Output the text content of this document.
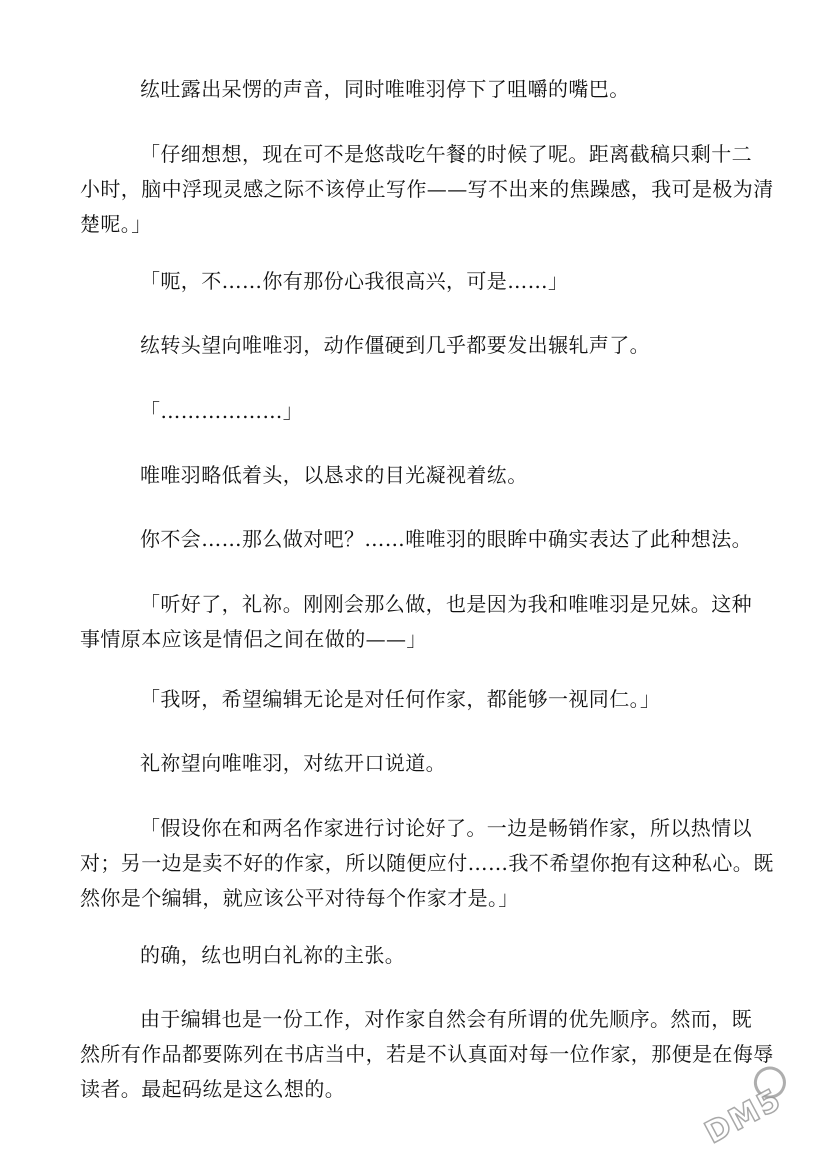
纮吐露出呆愣的声音，同时唯唯羽停下了咀嚼的嘴巴。

「仔细想想，现在可不是悠哉吃午餐的时候了呢。距离截稿只剩十二
小时，脑中浮现灵感之际不该停止写作——写不出来的焦躁感，我可是极为清
楚呢。」

「呃，不……你有那份心我很高兴，可是……」

纮转头望向唯唯羽，动作僵硬到几乎都要发出辗轧声了。

「………………」

唯唯羽略低着头，以恳求的目光凝视着纮。

你不会……那么做对吧？……唯唯羽的眼眸中确实表达了此种想法。

「听好了，礼祢。刚刚会那么做，也是因为我和唯唯羽是兄妹。这种
事情原本应该是情侣之间在做的——」

「我呀，希望编辑无论是对任何作家，都能够一视同仁。」

礼祢望向唯唯羽，对纮开口说道。

「假设你在和两名作家进行讨论好了。一边是畅销作家，所以热情以
对；另一边是卖不好的作家，所以随便应付……我不希望你抱有这种私心。既
然你是个编辑，就应该公平对待每个作家才是。」

的确，纮也明白礼祢的主张。

由于编辑也是一份工作，对作家自然会有所谓的优先顺序。然而，既
然所有作品都要陈列在书店当中，若是不认真面对每一位作家，那便是在侮辱
读者。最起码纮是这么想的。	DM5
